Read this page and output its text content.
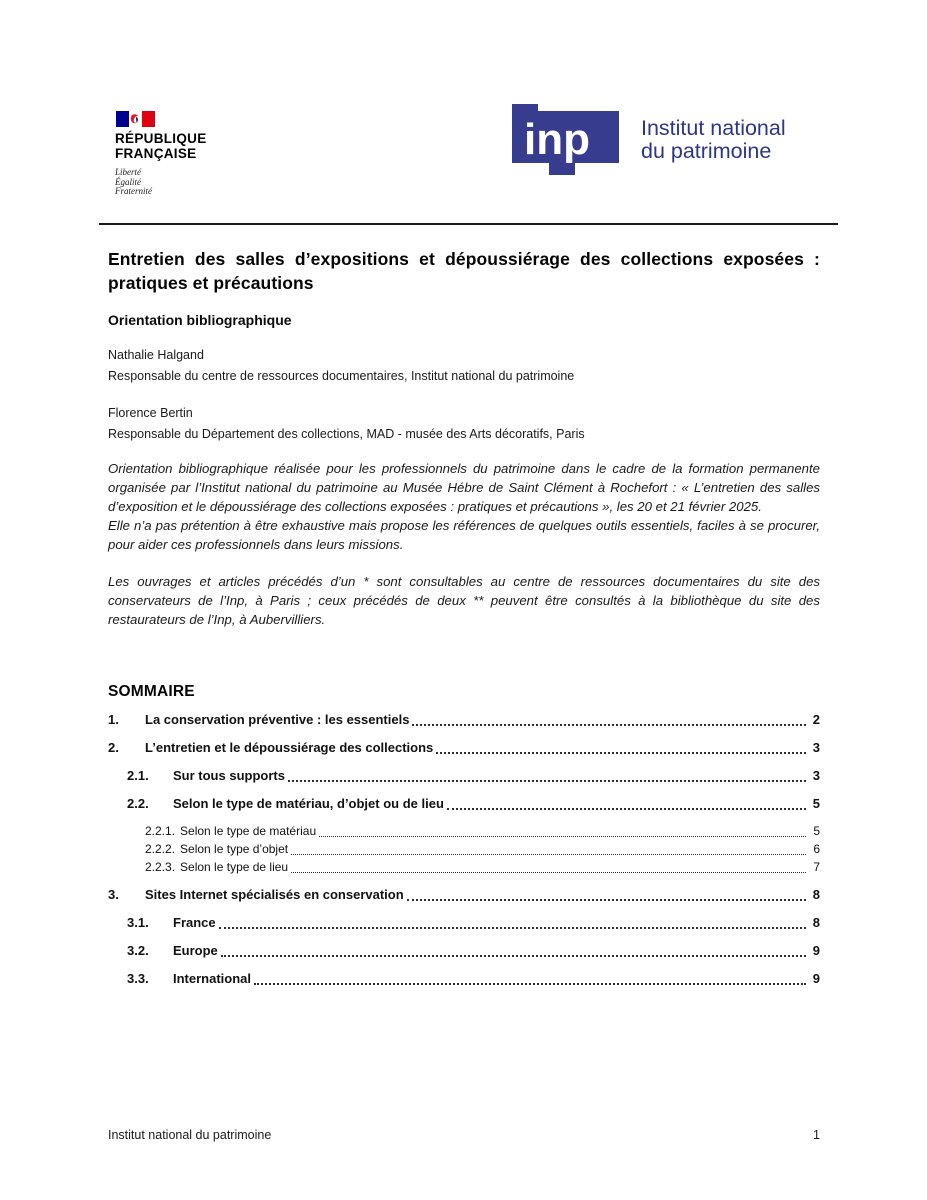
RÉPUBLIQUE
FRANÇAISE
Liberté
Égalité
Fraternité
inp Institut national
du patrimoine
Entretien des salles d’expositions et dépoussiérage des collections exposées : pratiques et précautions
Orientation bibliographique
Nathalie Halgand
Responsable du centre de ressources documentaires, Institut national du patrimoine
Florence Bertin
Responsable du Département des collections, MAD - musée des Arts décoratifs, Paris
Orientation bibliographique réalisée pour les professionnels du patrimoine dans le cadre de la formation permanente organisée par l’Institut national du patrimoine au Musée Hébre de Saint Clément à Rochefort : « L’entretien des salles d’exposition et le dépoussiérage des collections exposées : pratiques et précautions », les 20 et 21 février 2025.
Elle n’a pas prétention à être exhaustive mais propose les références de quelques outils essentiels, faciles à se procurer, pour aider ces professionnels dans leurs missions.
Les ouvrages et articles précédés d’un * sont consultables au centre de ressources documentaires du site des conservateurs de l’Inp, à Paris ; ceux précédés de deux ** peuvent être consultés à la bibliothèque du site des restaurateurs de l’Inp, à Aubervilliers.
SOMMAIRE
1.	La conservation préventive : les essentiels	2
2.	L’entretien et le dépoussiérage des collections	3
2.1.	Sur tous supports	3
2.2.	Selon le type de matériau, d’objet ou de lieu	5
2.2.1. Selon le type de matériau	5
2.2.2. Selon le type d’objet	6
2.2.3. Selon le type de lieu	7
3.	Sites Internet spécialisés en conservation	8
3.1.	France	8
3.2.	Europe	9
3.3.	International	9
Institut national du patrimoine	1
